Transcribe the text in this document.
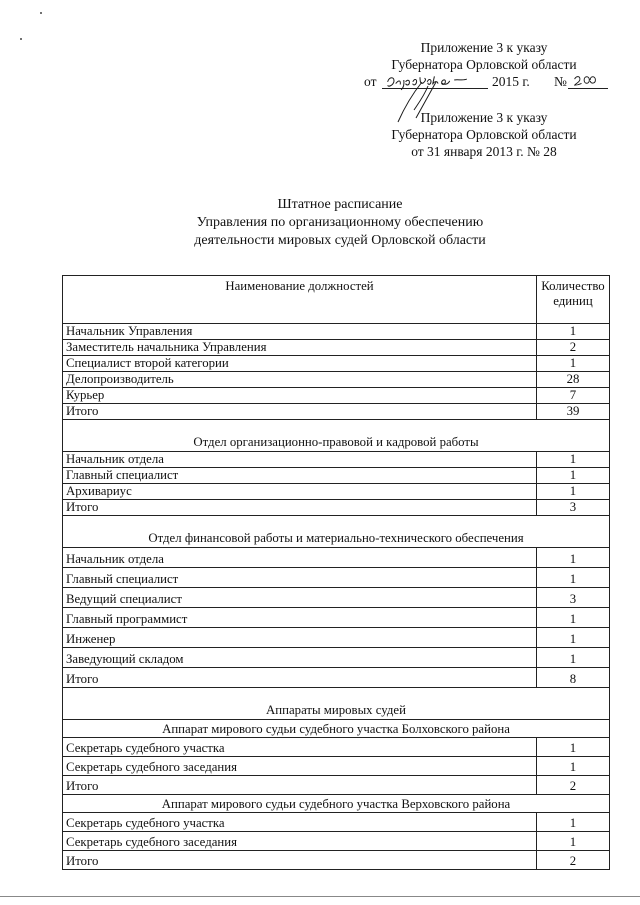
Приложение 3 к указу
Губернатора Орловской области
от	2015 г. №
Приложение 3 к указу
Губернатора Орловской области
от 31 января 2013 г. № 28
Штатное расписание
Управления по организационному обеспечению
деятельности мировых судей Орловской области
Наименование должностей	Количество
единиц

Начальник Управления	1
Заместитель начальника Управления	2
Специалист второй категории	1
Делопроизводитель	28
Курьер	7
Итого	39
Отдел организационно-правовой и кадровой работы	
Начальник отдела	1
Главный специалист	1
Архивариус	1
Итого	3
Отдел финансовой работы и материально-технического обеспечения	
Начальник отдела	1
Главный специалист	1
Ведущий специалист	3
Главный программист	1
Инженер	1
Заведующий складом	1
Итого	8
Аппараты мировых судей	
Аппарат мирового судьи судебного участка Болховского района	
Секретарь судебного участка	1
Секретарь судебного заседания	1
Итого	2
Аппарат мирового судьи судебного участка Верховского района	
Секретарь судебного участка	1
Секретарь судебного заседания	1
Итого	2
